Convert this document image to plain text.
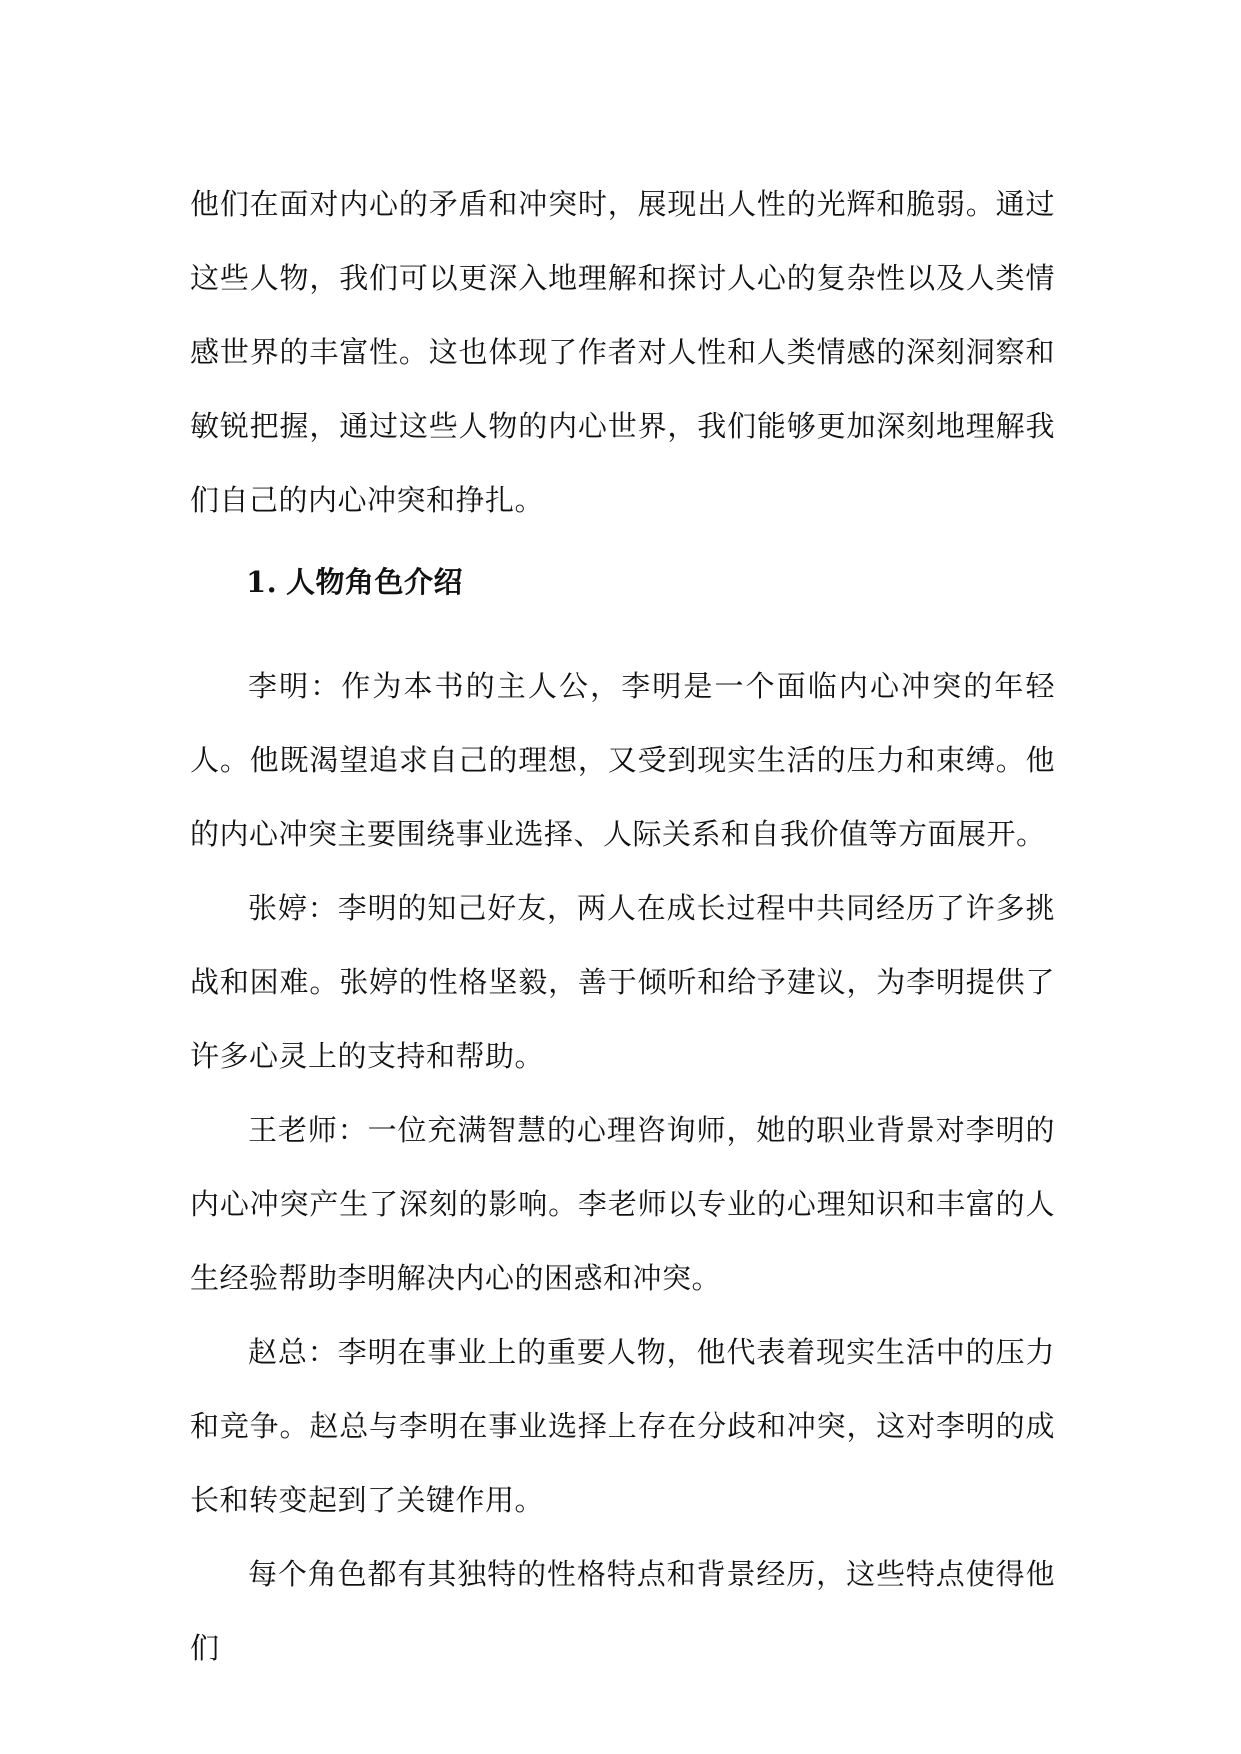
他们在面对内心的矛盾和冲突时，展现出人性的光辉和脆弱。通过这些人物，我们可以更深入地理解和探讨人心的复杂性以及人类情感世界的丰富性。这也体现了作者对人性和人类情感的深刻洞察和敏锐把握，通过这些人物的内心世界，我们能够更加深刻地理解我们自己的内心冲突和挣扎。

1. 人物角色介绍

李明：作为本书的主人公，李明是一个面临内心冲突的年轻人。他既渴望追求自己的理想，又受到现实生活的压力和束缚。他的内心冲突主要围绕事业选择、人际关系和自我价值等方面展开。

张婷：李明的知己好友，两人在成长过程中共同经历了许多挑战和困难。张婷的性格坚毅，善于倾听和给予建议，为李明提供了许多心灵上的支持和帮助。

王老师：一位充满智慧的心理咨询师，她的职业背景对李明的内心冲突产生了深刻的影响。李老师以专业的心理知识和丰富的人生经验帮助李明解决内心的困惑和冲突。

赵总：李明在事业上的重要人物，他代表着现实生活中的压力和竞争。赵总与李明在事业选择上存在分歧和冲突，这对李明的成长和转变起到了关键作用。

每个角色都有其独特的性格特点和背景经历，这些特点使得他们
